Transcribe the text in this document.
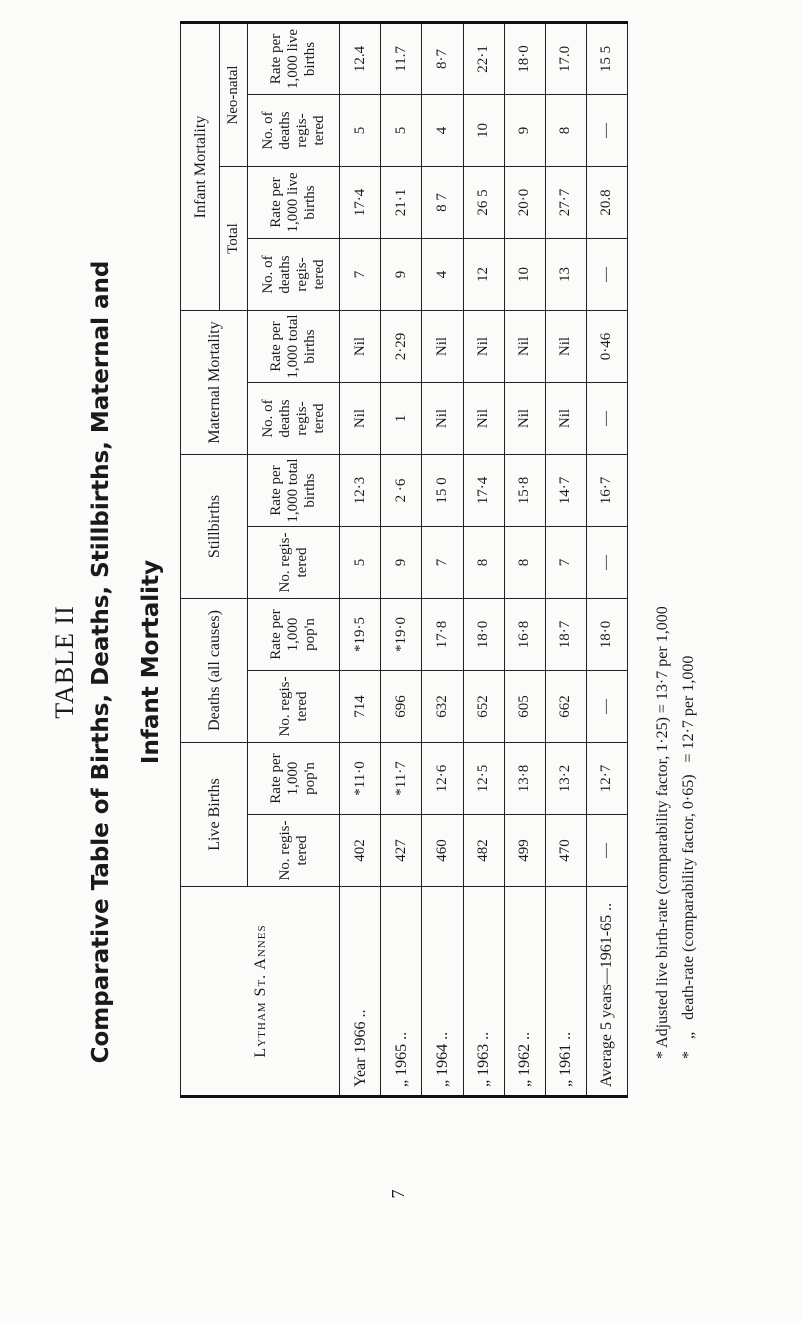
TABLE II Comparative Table of Births, Deaths, Stillbirths, Maternal and Infant Mortality
7
Lytham St. Annes	Live Births		Deaths (all causes)		Stillbirths		Maternal Mortality		Infant Mortality			
									Total		Neo-natal	
	No. regis- tered	Rate per 1,000 pop'n	No. regis- tered	Rate per 1,000 pop'n	No. regis- tered	Rate per 1,000 total births	No. of deaths regis- tered	Rate per 1,000 total births	No. of deaths regis- tered	Rate per 1,000 live births	No. of deaths regis- tered	Rate per 1,000 live births
Year 1966 ..	402	*11·0	714	*19·5	5	12·3	Nil	Nil	7	17·4	5	12.4
„ 1965 ..	427	*11·7	696	*19·0	9	2 ·6	1	2·29	9	21·1	5	11.7
„ 1964 ..	460	12·6	632	17·8	7	15 0	Nil	Nil	4	8 7	4	8·7
„ 1963 ..	482	12·5	652	18·0	8	17·4	Nil	Nil	12	26 5	10	22·1
„ 1962 ..	499	13·8	605	16·8	8	15·8	Nil	Nil	10	20·0	9	18·0
„ 1961 ..	470	13·2	662	18·7	7	14·7	Nil	Nil	13	27·7	8	17.0
Average 5 years—1961-65 ..	—	12·7	—	18·0	—	16·7	—	0·46	—	20.8	—	15 5
* Adjusted live birth-rate (comparability factor, 1·25) = 13·7 per 1,000 *   „   death-rate (comparability factor, 0·65)   = 12·7 per 1,000
